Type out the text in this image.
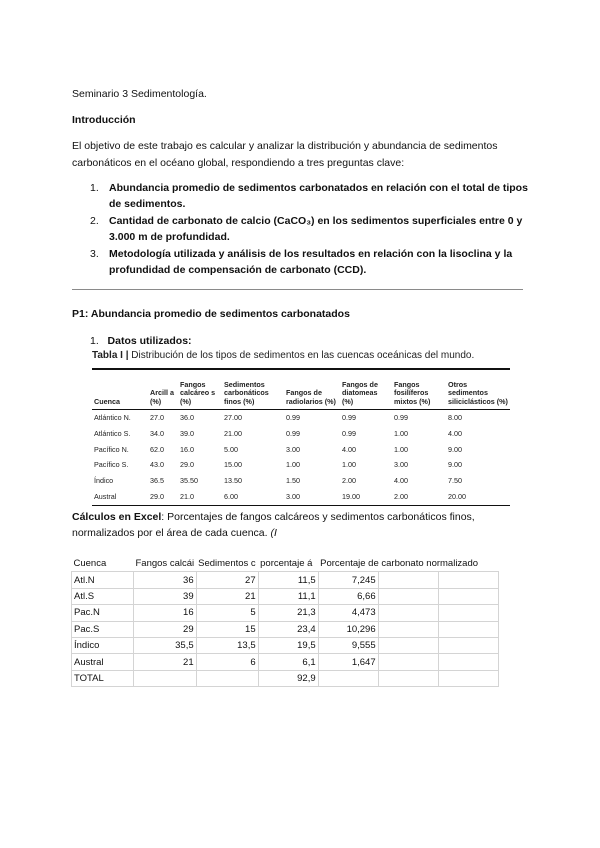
Seminario 3 Sedimentología.
Introducción
El objetivo de este trabajo es calcular y analizar la distribución y abundancia de sedimentos carbonáticos en el océano global, respondiendo a tres preguntas clave:
1. Abundancia promedio de sedimentos carbonatados en relación con el total de tipos de sedimentos.
2. Cantidad de carbonato de calcio (CaCO₃) en los sedimentos superficiales entre 0 y 3.000 m de profundidad.
3. Metodología utilizada y análisis de los resultados en relación con la lisoclina y la profundidad de compensación de carbonato (CCD).
P1: Abundancia promedio de sedimentos carbonatados
1. Datos utilizados:
Tabla I | Distribución de los tipos de sedimentos en las cuencas oceánicas del mundo.
Cuenca	Arcill a (%)	Fangos calcáreo s (%)	Sedimentos carbonáticos finos (%)	Fangos de radiolarios (%)	Fangos de diatomeas (%)	Fangos fosilíferos mixtos (%)	Otros sedimentos siliciclásticos (%)
Atlántico N.	27.0	36.0	27.00	0.99	0.99	0.99	8.00
Atlántico S.	34.0	39.0	21.00	0.99	0.99	1.00	4.00
Pacífico N.	62.0	16.0	5.00	3.00	4.00	1.00	9.00
Pacífico S.	43.0	29.0	15.00	1.00	1.00	3.00	9.00
Índico	36.5	35.50	13.50	1.50	2.00	4.00	7.50
Austral	29.0	21.0	6.00	3.00	19.00	2.00	20.00
Cálculos en Excel: Porcentajes de fangos calcáreos y sedimentos carbonáticos finos, normalizados por el área de cada cuenca. (I
Cuenca	Fangos calcái	Sedimentos c	porcentaje á	Porcentaje de carbonato normalizado		
Atl.N	36	27	11,5	7,245		
Atl.S	39	21	11,1	6,66		
Pac.N	16	5	21,3	4,473		
Pac.S	29	15	23,4	10,296		
Índico	35,5	13,5	19,5	9,555		
Austral	21	6	6,1	1,647		
TOTAL			92,9			
